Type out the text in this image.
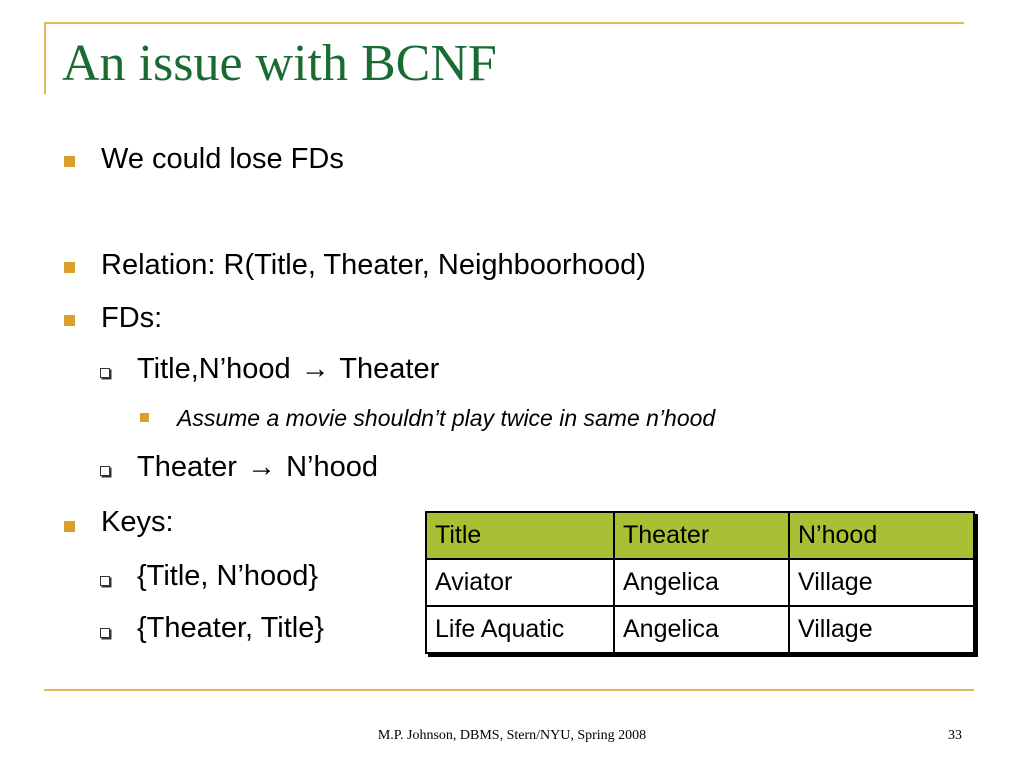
An issue with BCNF
We could lose FDs
Relation: R(Title, Theater, Neighboorhood)
FDs:
Title,N’hood → Theater
Assume a movie shouldn’t play twice in same n’hood
Theater → N’hood
Keys:
{Title, N’hood}
{Theater, Title}
Title	Theater	N’hood
Aviator	Angelica	Village
Life Aquatic	Angelica	Village
M.P. Johnson, DBMS, Stern/NYU, Spring 2008	33
